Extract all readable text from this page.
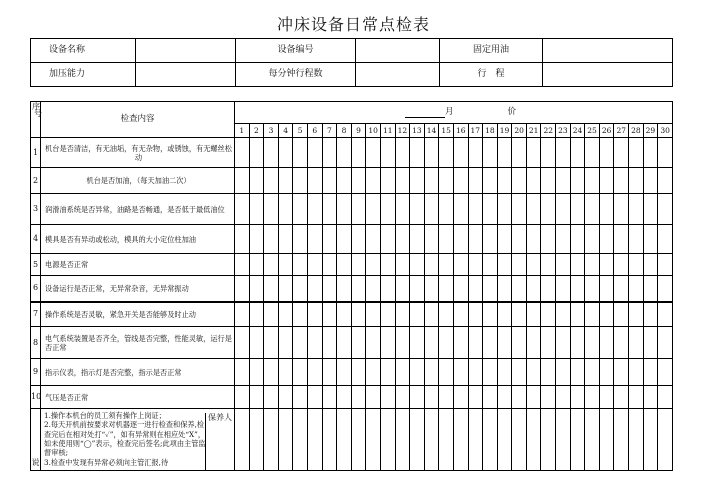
冲床设备日常点检表
设备名称		设备编号		固定用油	
加压能力		每分钟行程数		行　程	
序
号	检查内容		月 价																													
			1	2	3	4	5	6	7	8	9	10	11	12	13	14	15	16	17	18	19	20	21	22	23	24	25	26	27	28	29	30
1	机台是否清洁，有无油垢，有无杂物，或锈蚀，有无螺丝松动																															
2	机台是否加油，（每天加油二次）																															
3	润滑油系统是否异常，油路是否畅通，是否低于最低油位																															
4	模具是否有异动或松动，模具的大小定位柱加油																															
5	电源是否正常																															
6	设备运行是否正常，无异常杂音，无异常振动																															
7	操作系统是否灵敏，紧急开关是否能够及时止动																															
8	电气系统装置是否齐全，管线是否完整，性能灵敏，运行是否正常																															
9	指示仪表，指示灯是否完整，指示是否正常																															
10	气压是否正常																															
说	1.操作本机台的员工须有操作上岗证；
2.每天开机前按要求对机器逐一进行检查和保养,检查完后在相对处打“✓”，如有异常则在相应处“X”，如未使用则“◯”表示，检查完后签名;此项由主管监督审核;
3.检查中发现有异常必须向主管汇报,待	保养人																														
